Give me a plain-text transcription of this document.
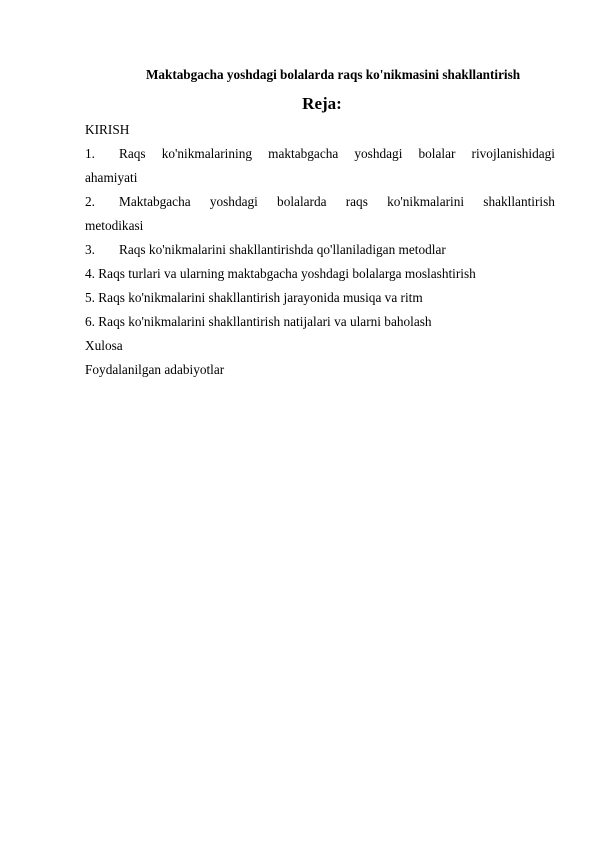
Maktabgacha yoshdagi bolalarda raqs ko'nikmasini shakllantirish
Reja:
KIRISH
1.	Raqs ko'nikmalarining maktabgacha yoshdagi bolalar rivojlanishidagi
ahamiyati
2.	Maktabgacha yoshdagi bolalarda raqs ko'nikmalarini shakllantirish
metodikasi
3. Raqs ko'nikmalarini shakllantirishda qo'llaniladigan metodlar
4. Raqs turlari va ularning maktabgacha yoshdagi bolalarga moslashtirish
5. Raqs ko'nikmalarini shakllantirish jarayonida musiqa va ritm
6. Raqs ko'nikmalarini shakllantirish natijalari va ularni baholash
Xulosa
Foydalanilgan adabiyotlar
